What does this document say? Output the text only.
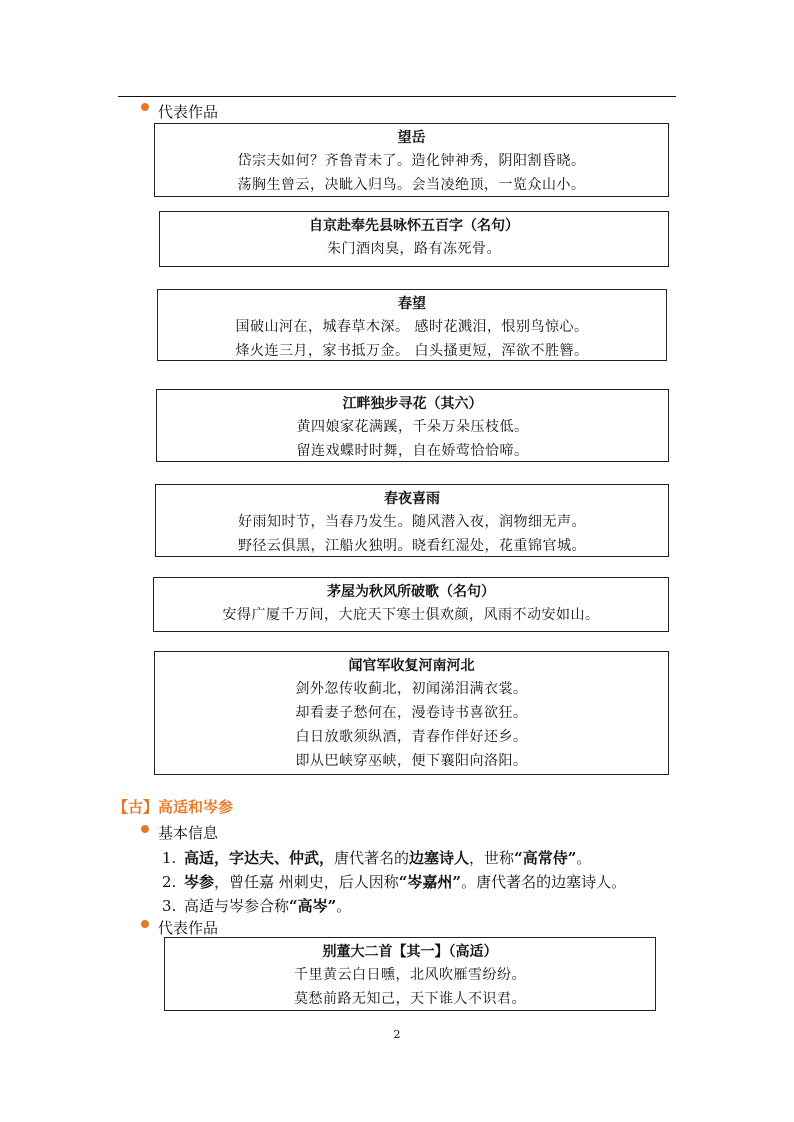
代表作品
望岳
岱宗夫如何？齐鲁青未了。造化钟神秀，阴阳割昏晓。
荡胸生曾云，决眦入归鸟。会当凌绝顶，一览众山小。
自京赴奉先县咏怀五百字（名句）
朱门酒肉臭，路有冻死骨。
春望
国破山河在，城春草木深。 感时花溅泪，恨别鸟惊心。
烽火连三月，家书抵万金。 白头搔更短，浑欲不胜簪。
江畔独步寻花（其六）
黄四娘家花满蹊，千朵万朵压枝低。
留连戏蝶时时舞，自在娇莺恰恰啼。
春夜喜雨
好雨知时节，当春乃发生。随风潜入夜，润物细无声。
野径云俱黑，江船火独明。晓看红湿处，花重锦官城。
茅屋为秋风所破歌（名句）
安得广厦千万间，大庇天下寒士俱欢颜，风雨不动安如山。
闻官军收复河南河北
剑外忽传收蓟北，初闻涕泪满衣裳。
却看妻子愁何在，漫卷诗书喜欲狂。
白日放歌须纵酒，青春作伴好还乡。
即从巴峡穿巫峡，便下襄阳向洛阳。
【古】高适和岑参
基本信息
1. 高适，字达夫、仲武，唐代著名的边塞诗人，世称“高常侍”。
2. 岑参，曾任嘉 州刺史，后人因称“岑嘉州”。唐代著名的边塞诗人。
3. 高适与岑参合称“高岑”。
代表作品
别董大二首【其一】（高适）
千里黄云白日曛，北风吹雁雪纷纷。
莫愁前路无知己，天下谁人不识君。
2
